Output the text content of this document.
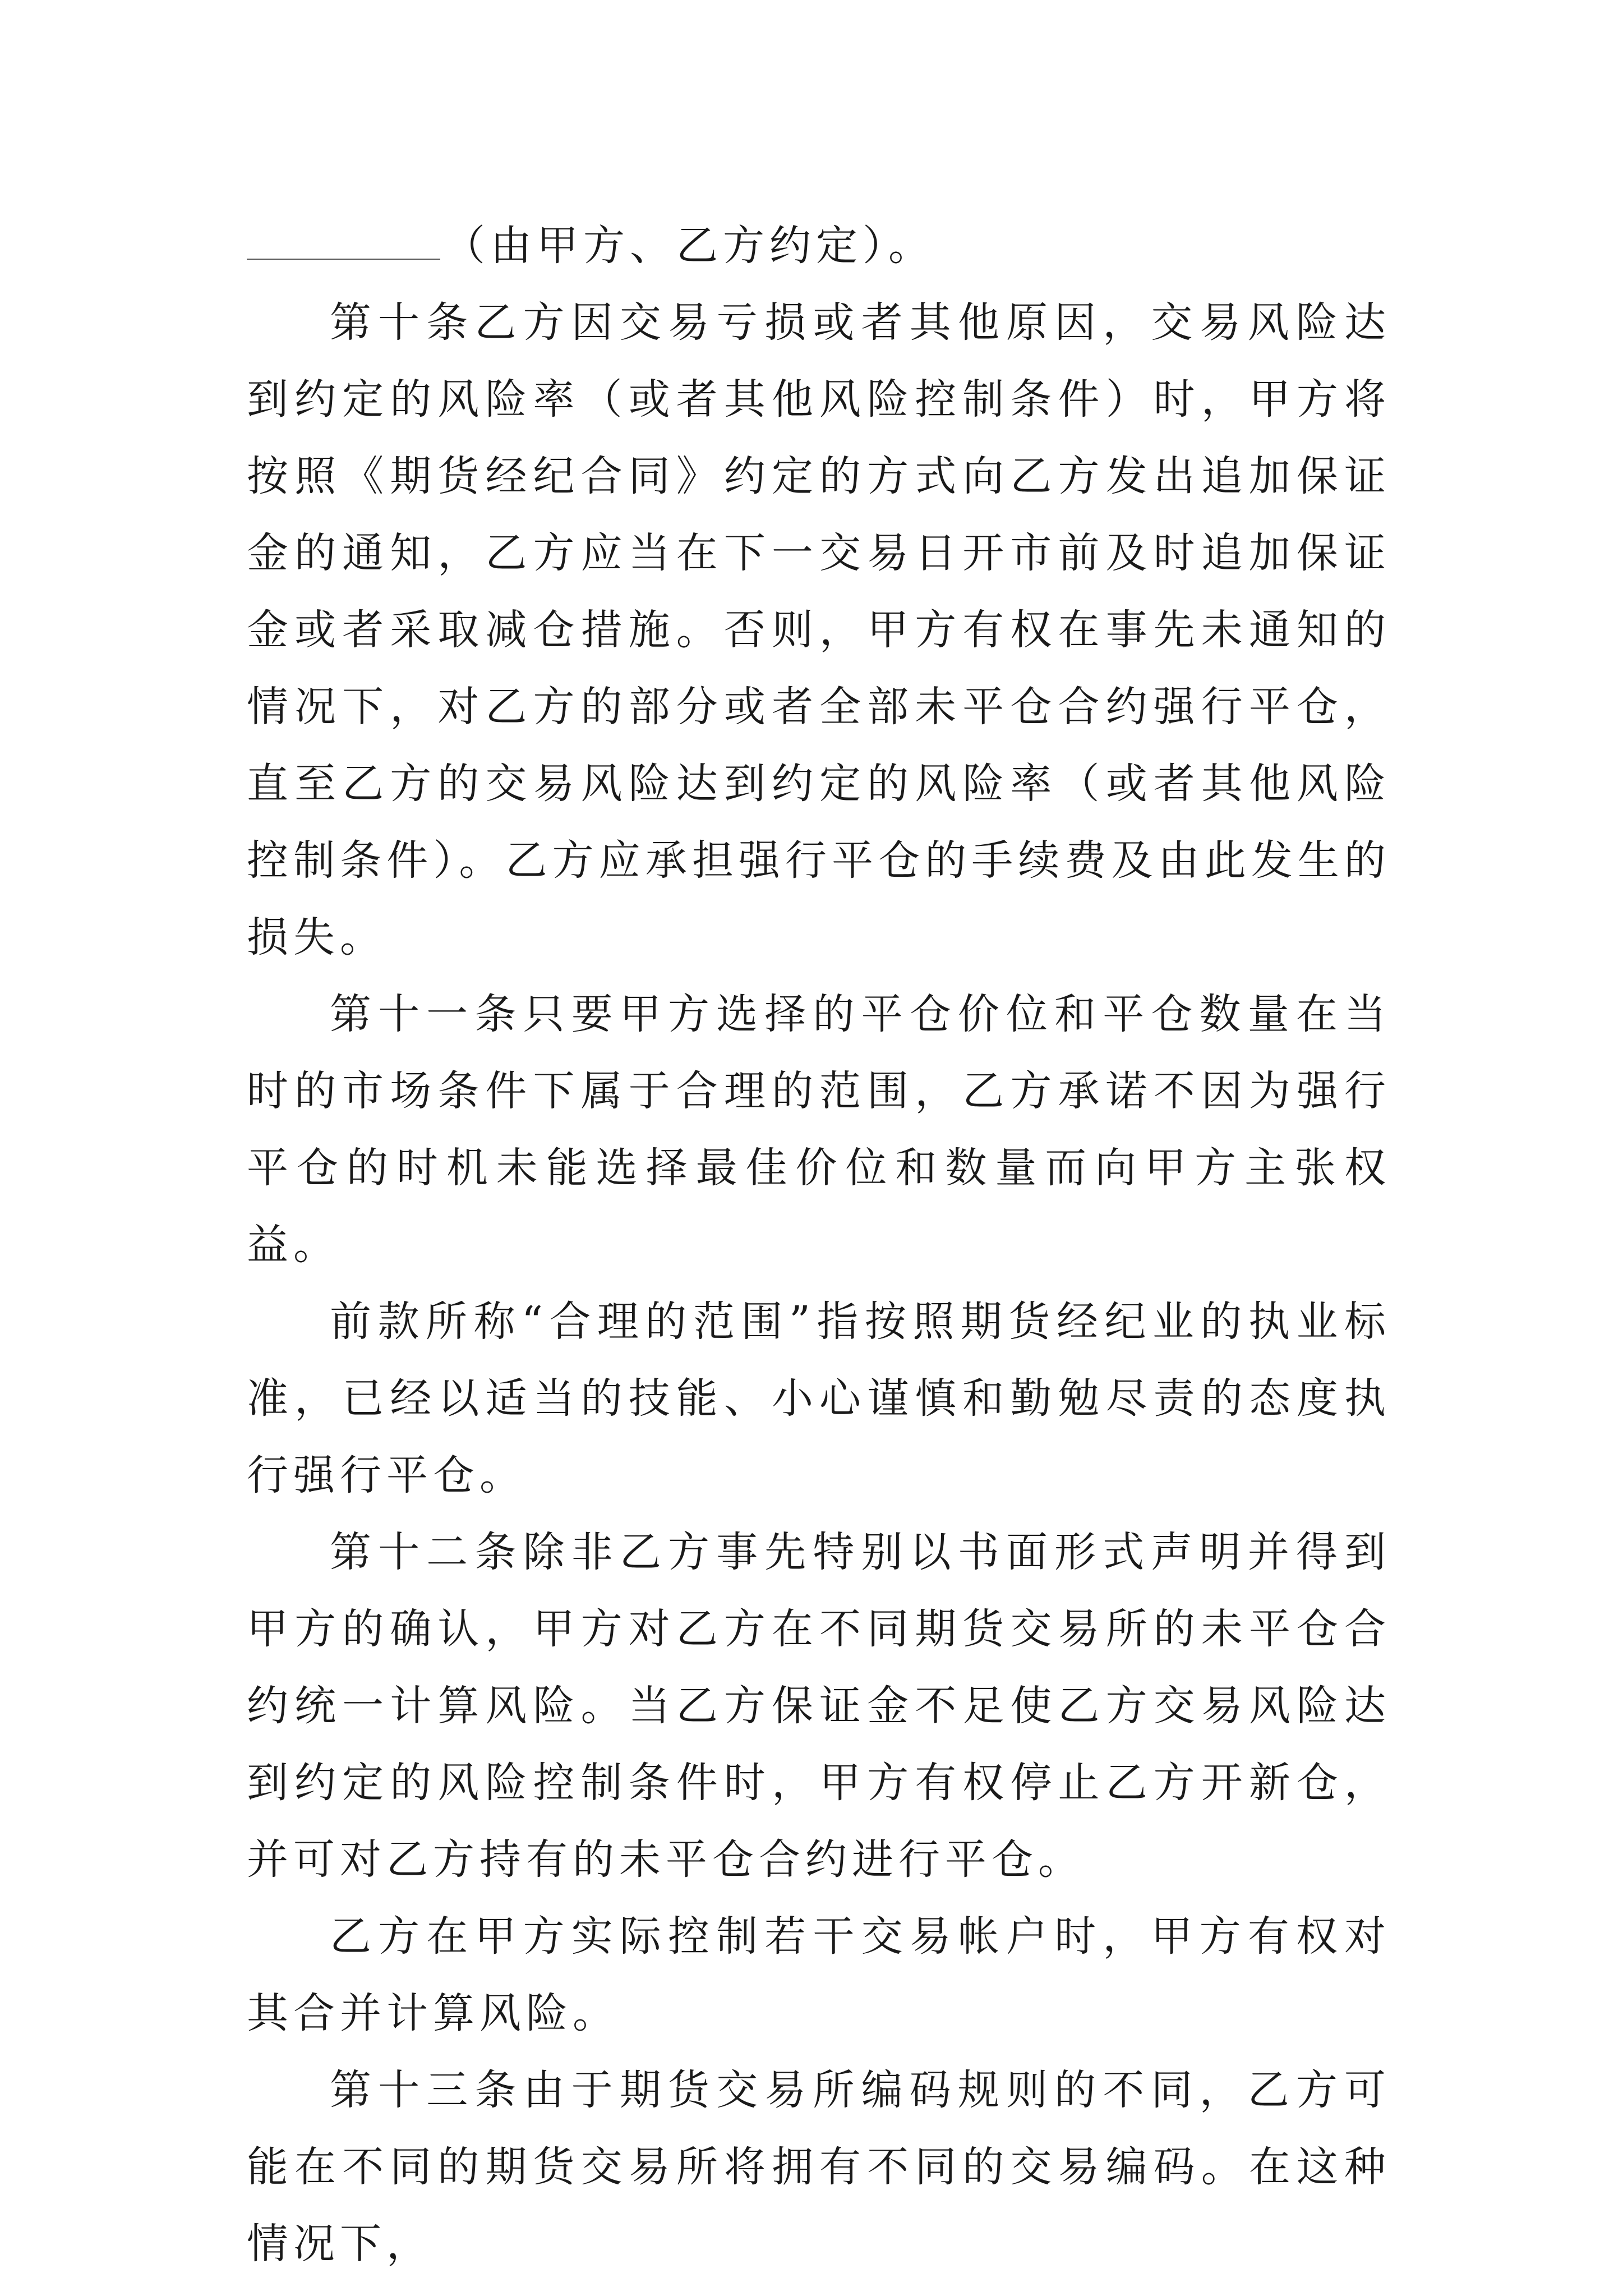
（由甲方、乙方约定）。

第十条乙方因交易亏损或者其他原因，交易风险达到约定的风险率（或者其他风险控制条件）时，甲方将按照《期货经纪合同》约定的方式向乙方发出追加保证金的通知，乙方应当在下一交易日开市前及时追加保证金或者采取减仓措施。否则，甲方有权在事先未通知的情况下，对乙方的部分或者全部未平仓合约强行平仓，直至乙方的交易风险达到约定的风险率（或者其他风险控制条件）。乙方应承担强行平仓的手续费及由此发生的损失。

第十一条只要甲方选择的平仓价位和平仓数量在当时的市场条件下属于合理的范围，乙方承诺不因为强行平仓的时机未能选择最佳价位和数量而向甲方主张权益。

前款所称“合理的范围”指按照期货经纪业的执业标准，已经以适当的技能、小心谨慎和勤勉尽责的态度执行强行平仓。

第十二条除非乙方事先特别以书面形式声明并得到甲方的确认，甲方对乙方在不同期货交易所的未平仓合约统一计算风险。当乙方保证金不足使乙方交易风险达到约定的风险控制条件时，甲方有权停止乙方开新仓，并可对乙方持有的未平仓合约进行平仓。

乙方在甲方实际控制若干交易帐户时，甲方有权对其合并计算风险。

第十三条由于期货交易所编码规则的不同，乙方可能在不同的期货交易所将拥有不同的交易编码。在这种情况下，
